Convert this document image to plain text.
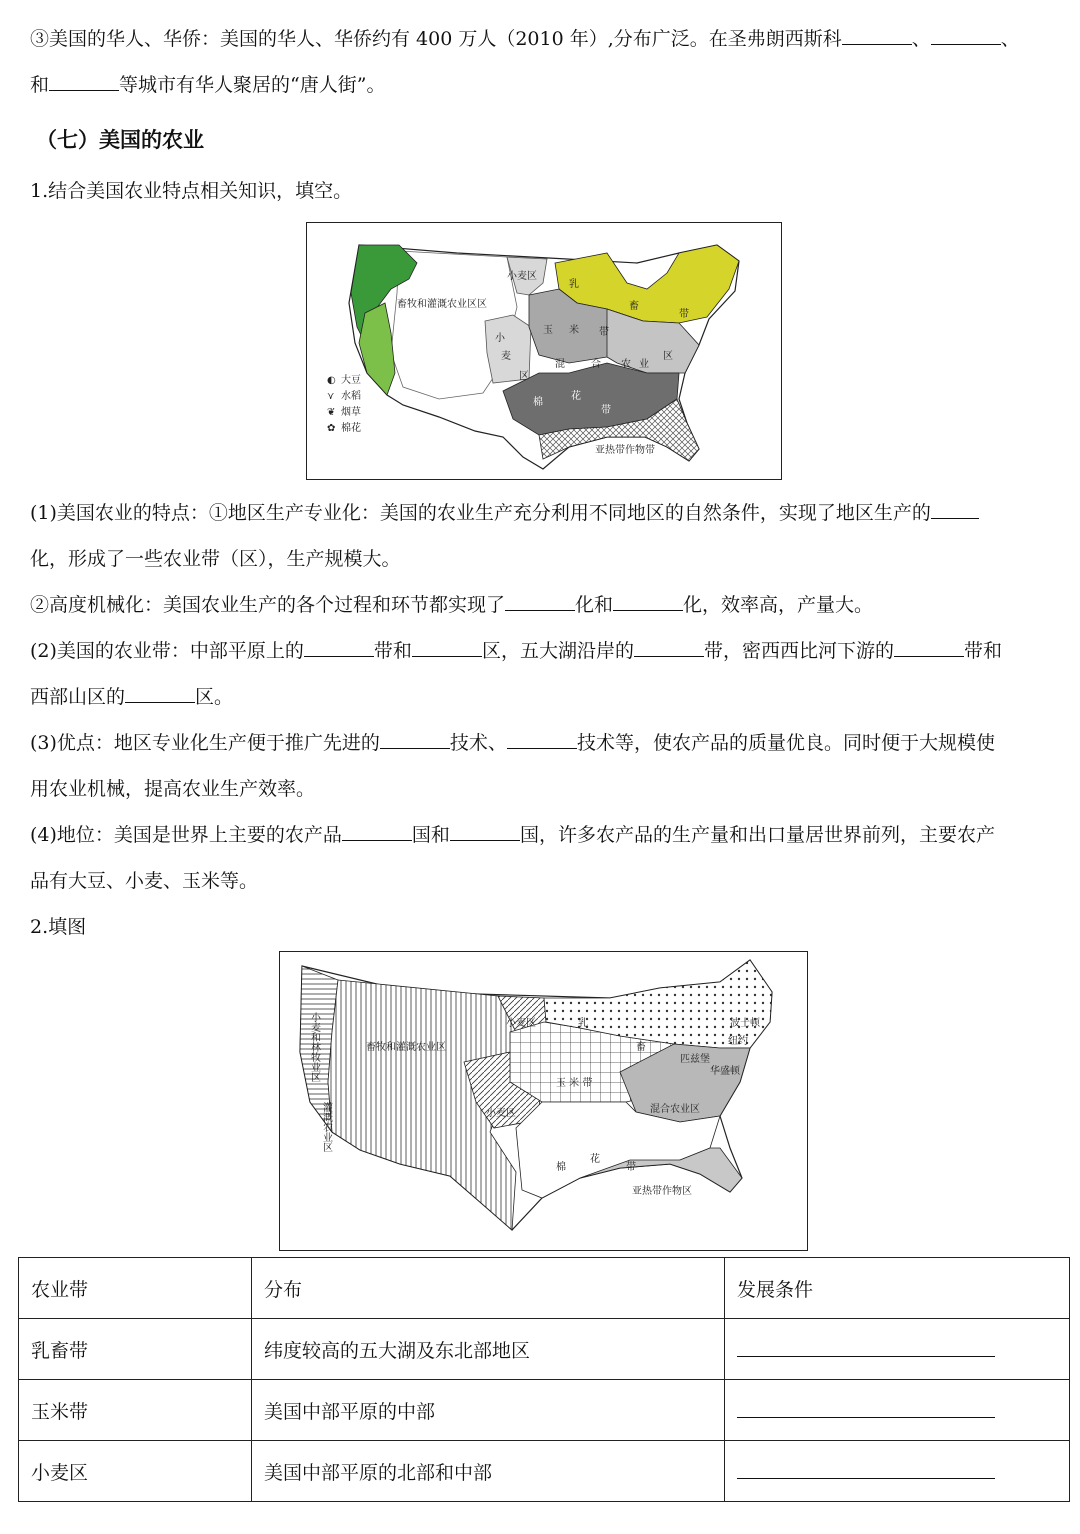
③美国的华人、华侨：美国的华人、华侨约有 400 万人（2010 年）,分布广泛。在圣弗朗西斯科	、	、
和	等城市有华人聚居的“唐人街”。
（七）美国的农业
1.结合美国农业特点相关知识，填空。
小麦区
畜牧和灌溉农业区区
小
麦
区
乳
畜
带
玉 米 带
混	合 农 业
区
棉
花
带
亚热带作物带
◐ 大豆
⋎ 水稻
❦ 烟草
✿ 棉花
(1)美国农业的特点：①地区生产专业化：美国的农业生产充分利用不同地区的自然条件，实现了地区生产的
化，形成了一些农业带（区），生产规模大。
②高度机械化：美国农业生产的各个过程和环节都实现了	化和	化，效率高，产量大。
(2)美国的农业带：中部平原上的	带和	区，五大湖沿岸的	带，密西西比河下游的	带和
西部山区的	区。
(3)优点：地区专业化生产便于推广先进的	技术、	技术等，使农产品的质量优良。同时便于大规模使
用农业机械，提高农业生产效率。
(4)地位：美国是世界上主要的农产品	国和	国，许多农产品的生产量和出口量居世界前列，主要农产
品有大豆、小麦、玉米等。
2.填图
畜牧和灌溉农业区
小麦区
小麦区
玉 米 带
混合农业区
乳
畜
棉
花
带
亚热带作物区
波士顿
纽约
华盛顿
匹兹堡
小麦和林牧业区
灌溉农业区
农业带	分布	发展条件
乳畜带	纬度较高的五大湖及东北部地区	
玉米带	美国中部平原的中部	
小麦区	美国中部平原的北部和中部	
